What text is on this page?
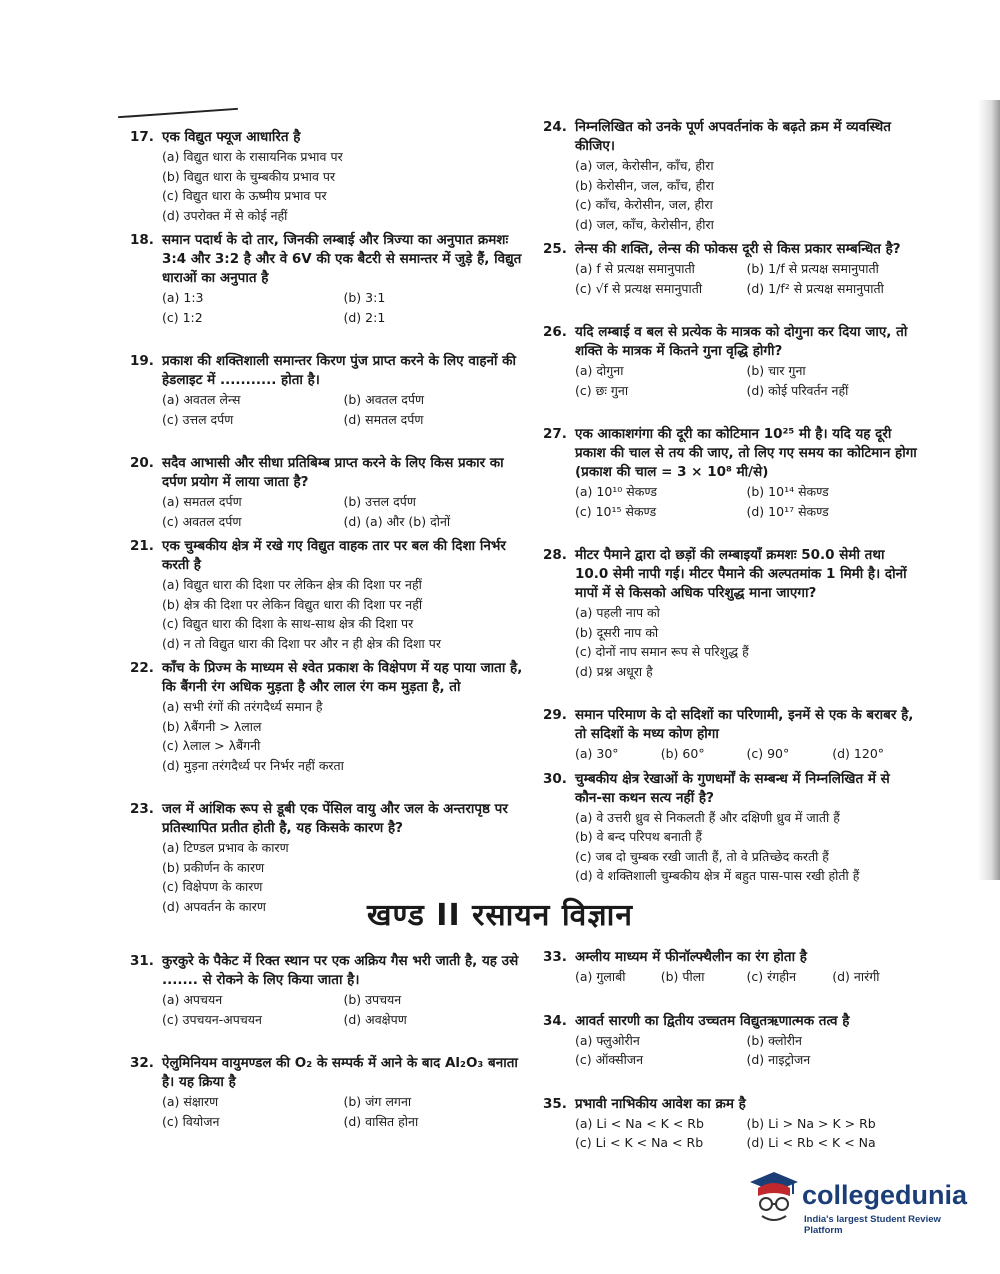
17. एक विद्युत फ्यूज आधारित है
(a) विद्युत धारा के रासायनिक प्रभाव पर
(b) विद्युत धारा के चुम्बकीय प्रभाव पर
(c) विद्युत धारा के ऊष्मीय प्रभाव पर
(d) उपरोक्त में से कोई नहीं
18. समान पदार्थ के दो तार, जिनकी लम्बाई और त्रिज्या का अनुपात क्रमशः 3:4 और 3:2 है और वे 6V की एक बैटरी से समान्तर में जुड़े हैं, विद्युत धाराओं का अनुपात है
(a) 1:3	(b) 3:1
(c) 1:2	(d) 2:1
19. प्रकाश की शक्तिशाली समान्तर किरण पुंज प्राप्त करने के लिए वाहनों की हेडलाइट में ........... होता है।
(a) अवतल लेन्स	(b) अवतल दर्पण
(c) उत्तल दर्पण	(d) समतल दर्पण
20. सदैव आभासी और सीधा प्रतिबिम्ब प्राप्त करने के लिए किस प्रकार का दर्पण प्रयोग में लाया जाता है?
(a) समतल दर्पण	(b) उत्तल दर्पण
(c) अवतल दर्पण	(d) (a) और (b) दोनों
21. एक चुम्बकीय क्षेत्र में रखे गए विद्युत वाहक तार पर बल की दिशा निर्भर करती है
(a) विद्युत धारा की दिशा पर लेकिन क्षेत्र की दिशा पर नहीं
(b) क्षेत्र की दिशा पर लेकिन विद्युत धारा की दिशा पर नहीं
(c) विद्युत धारा की दिशा के साथ-साथ क्षेत्र की दिशा पर
(d) न तो विद्युत धारा की दिशा पर और न ही क्षेत्र की दिशा पर
22. काँच के प्रिज्म के माध्यम से श्वेत प्रकाश के विक्षेपण में यह पाया जाता है, कि बैंगनी रंग अधिक मुड़ता है और लाल रंग कम मुड़ता है, तो
(a) सभी रंगों की तरंगदैर्ध्य समान है
(b) λबैंगनी > λलाल
(c) λलाल > λबैंगनी
(d) मुड़ना तरंगदैर्ध्य पर निर्भर नहीं करता
23. जल में आंशिक रूप से डूबी एक पेंसिल वायु और जल के अन्तरापृष्ठ पर प्रतिस्थापित प्रतीत होती है, यह किसके कारण है?
(a) टिण्डल प्रभाव के कारण
(b) प्रकीर्णन के कारण
(c) विक्षेपण के कारण
(d) अपवर्तन के कारण
24. निम्नलिखित को उनके पूर्ण अपवर्तनांक के बढ़ते क्रम में व्यवस्थित कीजिए।
(a) जल, केरोसीन, काँच, हीरा
(b) केरोसीन, जल, काँच, हीरा
(c) काँच, केरोसीन, जल, हीरा
(d) जल, काँच, केरोसीन, हीरा
25. लेन्स की शक्ति, लेन्स की फोकस दूरी से किस प्रकार सम्बन्धित है?
(a) f से प्रत्यक्ष समानुपाती	(b) 1/f से प्रत्यक्ष समानुपाती
(c) √f से प्रत्यक्ष समानुपाती	(d) 1/f² से प्रत्यक्ष समानुपाती
26. यदि लम्बाई व बल से प्रत्येक के मात्रक को दोगुना कर दिया जाए, तो शक्ति के मात्रक में कितने गुना वृद्धि होगी?
(a) दोगुना	(b) चार गुना
(c) छः गुना	(d) कोई परिवर्तन नहीं
27. एक आकाशगंगा की दूरी का कोटिमान 10²⁵ मी है। यदि यह दूरी प्रकाश की चाल से तय की जाए, तो लिए गए समय का कोटिमान होगा (प्रकाश की चाल = 3 × 10⁸ मी/से)
(a) 10¹⁰ सेकण्ड	(b) 10¹⁴ सेकण्ड
(c) 10¹⁵ सेकण्ड	(d) 10¹⁷ सेकण्ड
28. मीटर पैमाने द्वारा दो छड़ों की लम्बाइयाँ क्रमशः 50.0 सेमी तथा 10.0 सेमी नापी गई। मीटर पैमाने की अल्पतमांक 1 मिमी है। दोनों मापों में से किसको अधिक परिशुद्ध माना जाएगा?
(a) पहली नाप को
(b) दूसरी नाप को
(c) दोनों नाप समान रूप से परिशुद्ध हैं
(d) प्रश्न अधूरा है
29. समान परिमाण के दो सदिशों का परिणामी, इनमें से एक के बराबर है, तो सदिशों के मध्य कोण होगा
(a) 30°	(b) 60°	(c) 90°	(d) 120°
30. चुम्बकीय क्षेत्र रेखाओं के गुणधर्मों के सम्बन्ध में निम्नलिखित में से कौन-सा कथन सत्य नहीं है?
(a) वे उत्तरी ध्रुव से निकलती हैं और दक्षिणी ध्रुव में जाती हैं
(b) वे बन्द परिपथ बनाती हैं
(c) जब दो चुम्बक रखी जाती हैं, तो वे प्रतिच्छेद करती हैं
(d) वे शक्तिशाली चुम्बकीय क्षेत्र में बहुत पास-पास रखी होती हैं
खण्ड II रसायन विज्ञान
31. कुरकुरे के पैकेट में रिक्त स्थान पर एक अक्रिय गैस भरी जाती है, यह उसे ....... से रोकने के लिए किया जाता है।
(a) अपचयन	(b) उपचयन
(c) उपचयन-अपचयन	(d) अवक्षेपण
32. ऐलुमिनियम वायुमण्डल की O₂ के सम्पर्क में आने के बाद Al₂O₃ बनाता है। यह क्रिया है
(a) संक्षारण	(b) जंग लगना
(c) वियोजन	(d) वासित होना
33. अम्लीय माध्यम में फीनॉल्फ्थैलीन का रंग होता है
(a) गुलाबी	(b) पीला	(c) रंगहीन	(d) नारंगी
34. आवर्त सारणी का द्वितीय उच्चतम विद्युतऋणात्मक तत्व है
(a) फ्लुओरीन	(b) क्लोरीन
(c) ऑक्सीजन	(d) नाइट्रोजन
35. प्रभावी नाभिकीय आवेश का क्रम है
(a) Li < Na < K < Rb	(b) Li > Na > K > Rb
(c) Li < K < Na < Rb	(d) Li < Rb < K < Na
collegedunia
India's largest Student Review Platform
